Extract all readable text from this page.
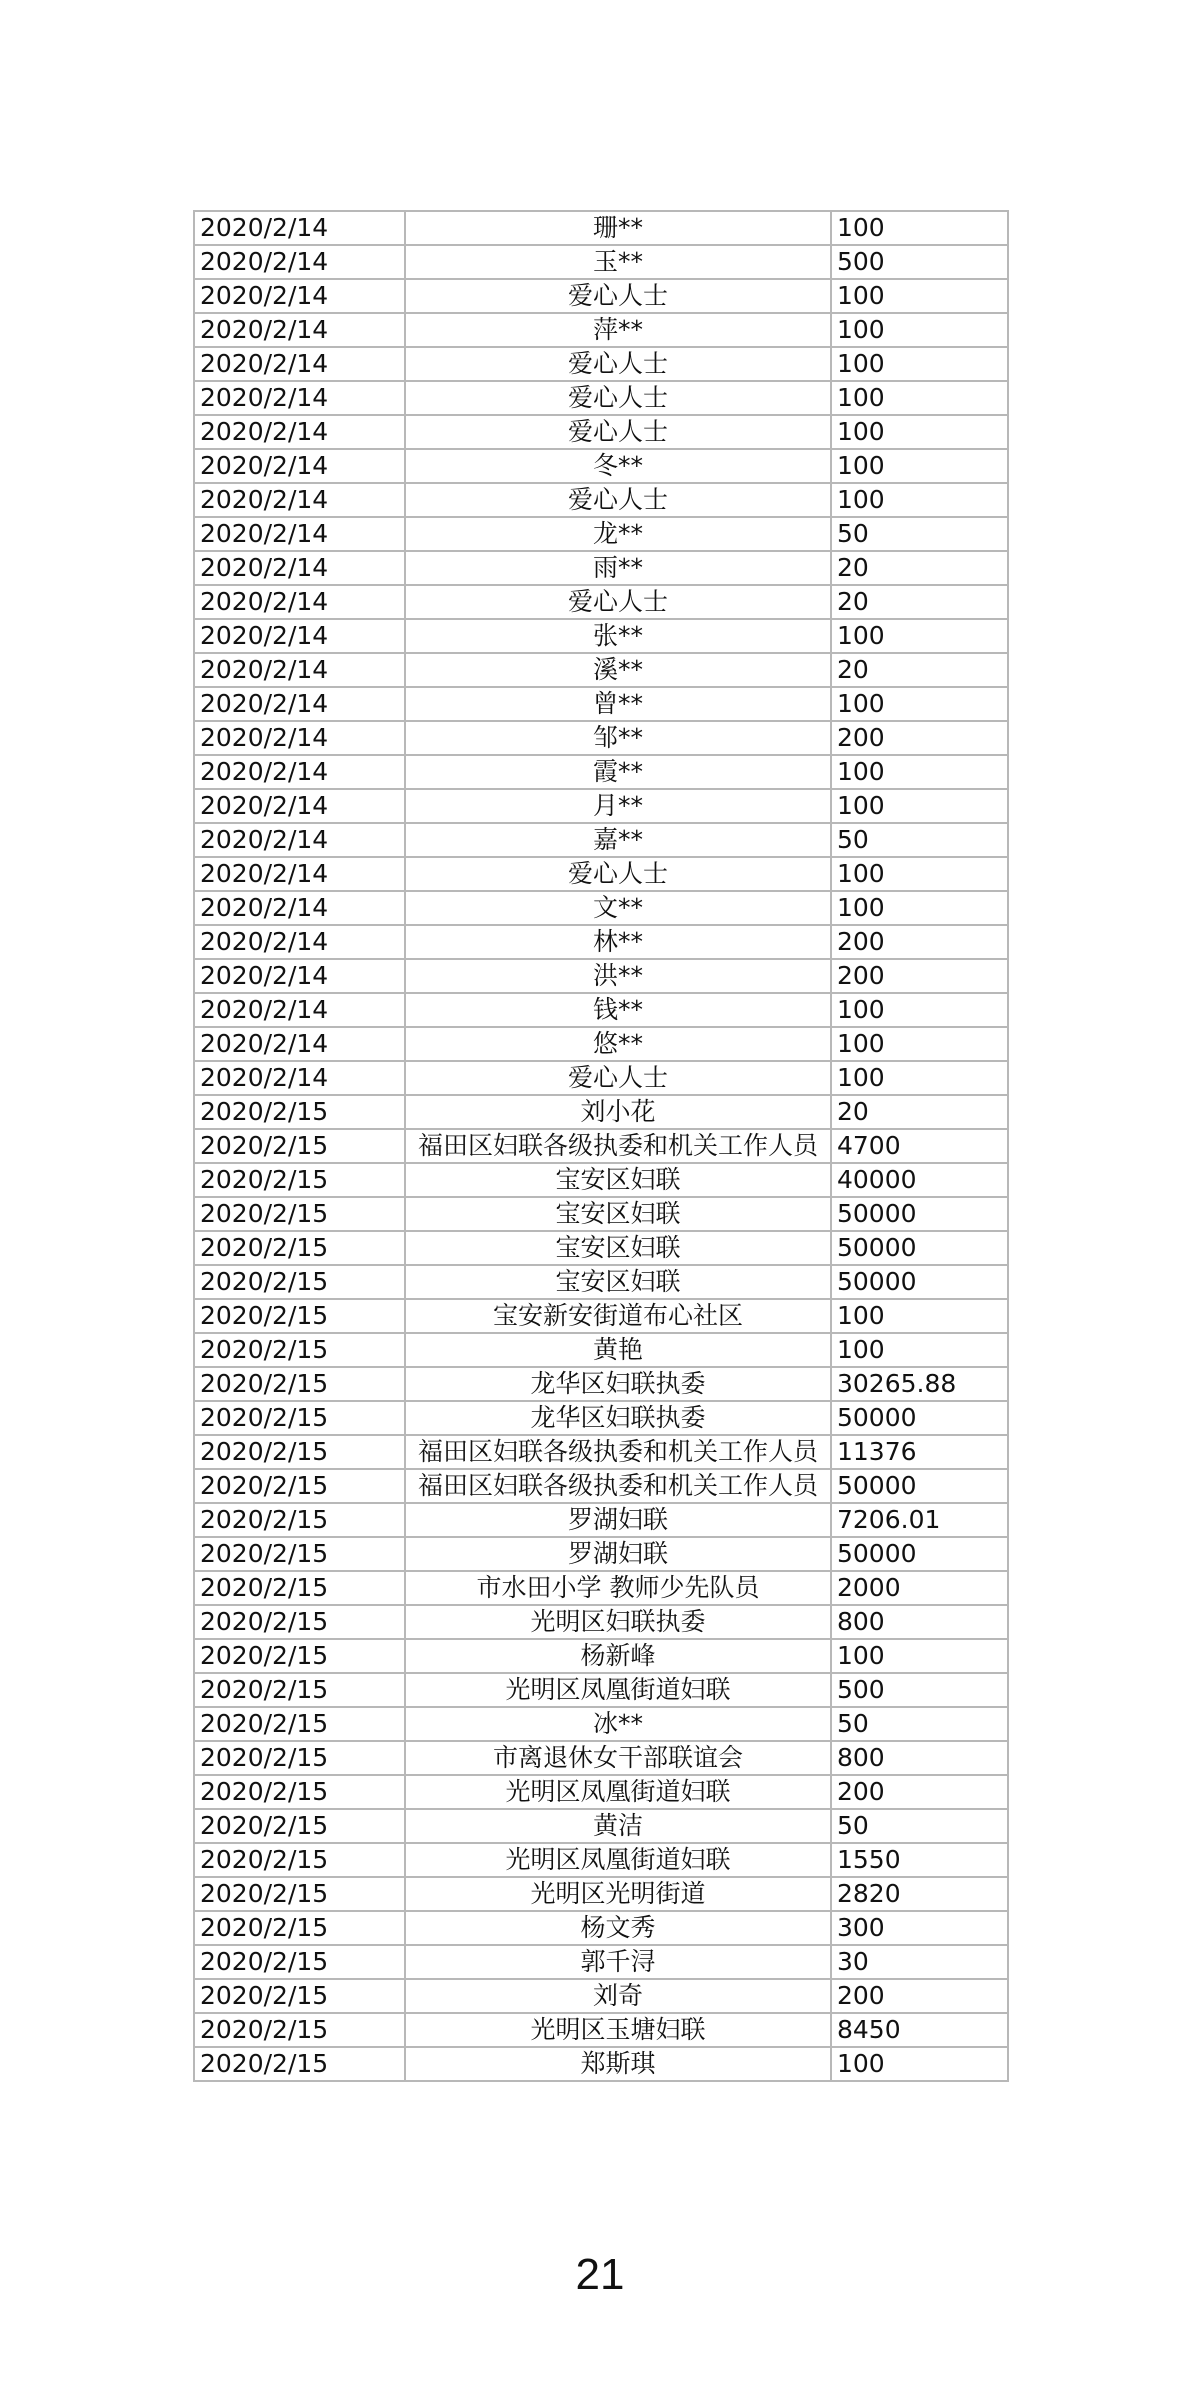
2020/2/14	珊**	100
2020/2/14	玉**	500
2020/2/14	爱心人士	100
2020/2/14	萍**	100
2020/2/14	爱心人士	100
2020/2/14	爱心人士	100
2020/2/14	爱心人士	100
2020/2/14	冬**	100
2020/2/14	爱心人士	100
2020/2/14	龙**	50
2020/2/14	雨**	20
2020/2/14	爱心人士	20
2020/2/14	张**	100
2020/2/14	溪**	20
2020/2/14	曾**	100
2020/2/14	邹**	200
2020/2/14	霞**	100
2020/2/14	月**	100
2020/2/14	嘉**	50
2020/2/14	爱心人士	100
2020/2/14	文**	100
2020/2/14	林**	200
2020/2/14	洪**	200
2020/2/14	钱**	100
2020/2/14	悠**	100
2020/2/14	爱心人士	100
2020/2/15	刘小花	20
2020/2/15	福田区妇联各级执委和机关工作人员	4700
2020/2/15	宝安区妇联	40000
2020/2/15	宝安区妇联	50000
2020/2/15	宝安区妇联	50000
2020/2/15	宝安区妇联	50000
2020/2/15	宝安新安街道布心社区	100
2020/2/15	黄艳	100
2020/2/15	龙华区妇联执委	30265.88
2020/2/15	龙华区妇联执委	50000
2020/2/15	福田区妇联各级执委和机关工作人员	11376
2020/2/15	福田区妇联各级执委和机关工作人员	50000
2020/2/15	罗湖妇联	7206.01
2020/2/15	罗湖妇联	50000
2020/2/15	市水田小学 教师少先队员	2000
2020/2/15	光明区妇联执委	800
2020/2/15	杨新峰	100
2020/2/15	光明区凤凰街道妇联	500
2020/2/15	冰**	50
2020/2/15	市离退休女干部联谊会	800
2020/2/15	光明区凤凰街道妇联	200
2020/2/15	黄洁	50
2020/2/15	光明区凤凰街道妇联	1550
2020/2/15	光明区光明街道	2820
2020/2/15	杨文秀	300
2020/2/15	郭千浔	30
2020/2/15	刘奇	200
2020/2/15	光明区玉塘妇联	8450
2020/2/15	郑斯琪	100
21
